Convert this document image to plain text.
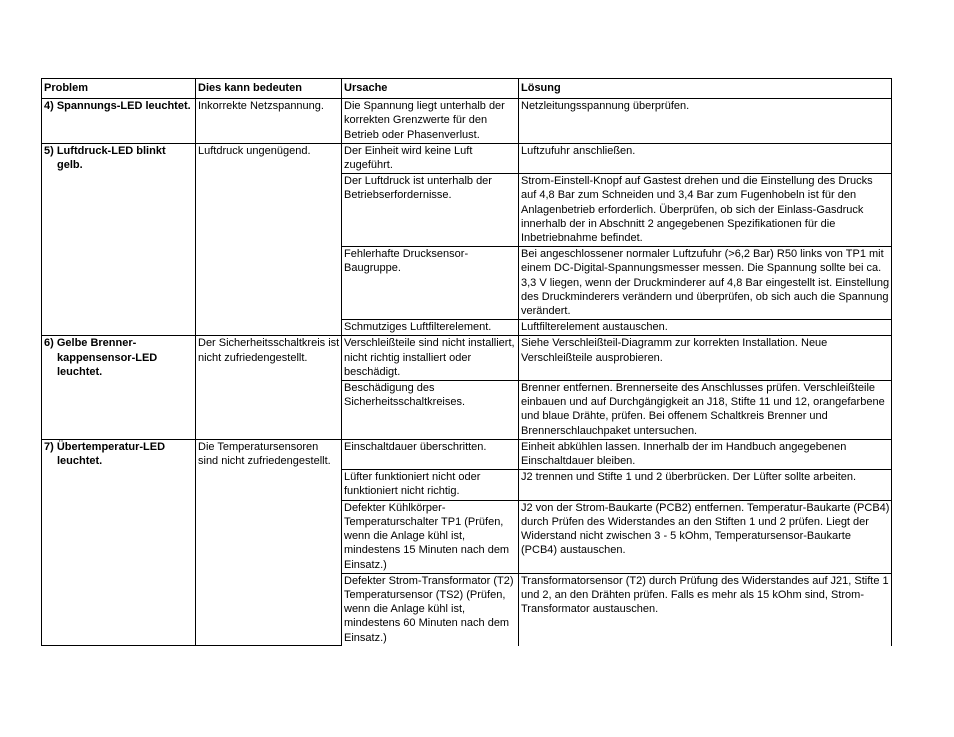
Problem	Dies kann bedeuten	Ursache	Lösung

4) Spannungs-LED leuchtet.	Inkorrekte Netzspannung.	Die Spannung liegt unterhalb der korrekten Grenzwerte für den Betrieb oder Phasenverlust.	Netzleitungsspannung überprüfen.

5) Luftdruck-LED blinkt gelb.	Luftdruck ungenügend.	Der Einheit wird keine Luft zugeführt.	Luftzufuhr anschließen.
		Der Luftdruck ist unterhalb der Betriebserfordernisse.	Strom-Einstell-Knopf auf Gastest drehen und die Einstellung des Drucks auf 4,8 Bar zum Schneiden und 3,4 Bar zum Fugenhobeln ist für den Anlagenbetrieb erforderlich. Überprüfen, ob sich der Einlass-Gasdruck innerhalb der in Abschnitt 2 angegebenen Spezifikationen für die Inbetriebnahme befindet.
		Fehlerhafte Drucksensor-Baugruppe.	Bei angeschlossener normaler Luftzufuhr (>6,2 Bar) R50 links von TP1 mit einem DC-Digital-Spannungsmesser messen. Die Spannung sollte bei ca. 3,3 V liegen, wenn der Druckminderer auf 4,8 Bar eingestellt ist. Einstellung des Druckminderers verändern und überprüfen, ob sich auch die Spannung verändert.
		Schmutziges Luftfilterelement.	Luftfilterelement austauschen.

6) Gelbe Brenner-kappensensor-LED leuchtet.	Der Sicherheitsschaltkreis ist nicht zufriedengestellt.	Verschleißteile sind nicht installiert, nicht richtig installiert oder beschädigt.	Siehe Verschleißteil-Diagramm zur korrekten Installation. Neue Verschleißteile ausprobieren.
		Beschädigung des Sicherheitsschaltkreises.	Brenner entfernen. Brennerseite des Anschlusses prüfen. Verschleißteile einbauen und auf Durchgängigkeit an J18, Stifte 11 und 12, orangefarbene und blaue Drähte, prüfen. Bei offenem Schaltkreis Brenner und Brennerschlauchpaket untersuchen.

7) Übertemperatur-LED leuchtet.	Die Temperatursensoren sind nicht zufriedengestellt.	Einschaltdauer überschritten.	Einheit abkühlen lassen. Innerhalb der im Handbuch angegebenen Einschaltdauer bleiben.
		Lüfter funktioniert nicht oder funktioniert nicht richtig.	J2 trennen und Stifte 1 und 2 überbrücken. Der Lüfter sollte arbeiten.
		Defekter Kühlkörper-Temperaturschalter TP1 (Prüfen, wenn die Anlage kühl ist, mindestens 15 Minuten nach dem Einsatz.)	J2 von der Strom-Baukarte (PCB2) entfernen. Temperatur-Baukarte (PCB4) durch Prüfen des Widerstandes an den Stiften 1 und 2 prüfen. Liegt der Widerstand nicht zwischen 3 - 5 kOhm, Temperatursensor-Baukarte (PCB4) austauschen.
		Defekter Strom-Transformator (T2) Temperatursensor (TS2) (Prüfen, wenn die Anlage kühl ist, mindestens 60 Minuten nach dem Einsatz.)	Transformatorsensor (T2) durch Prüfung des Widerstandes auf J21, Stifte 1 und 2, an den Drähten prüfen. Falls es mehr als 15 kOhm sind, Strom-Transformator austauschen.
